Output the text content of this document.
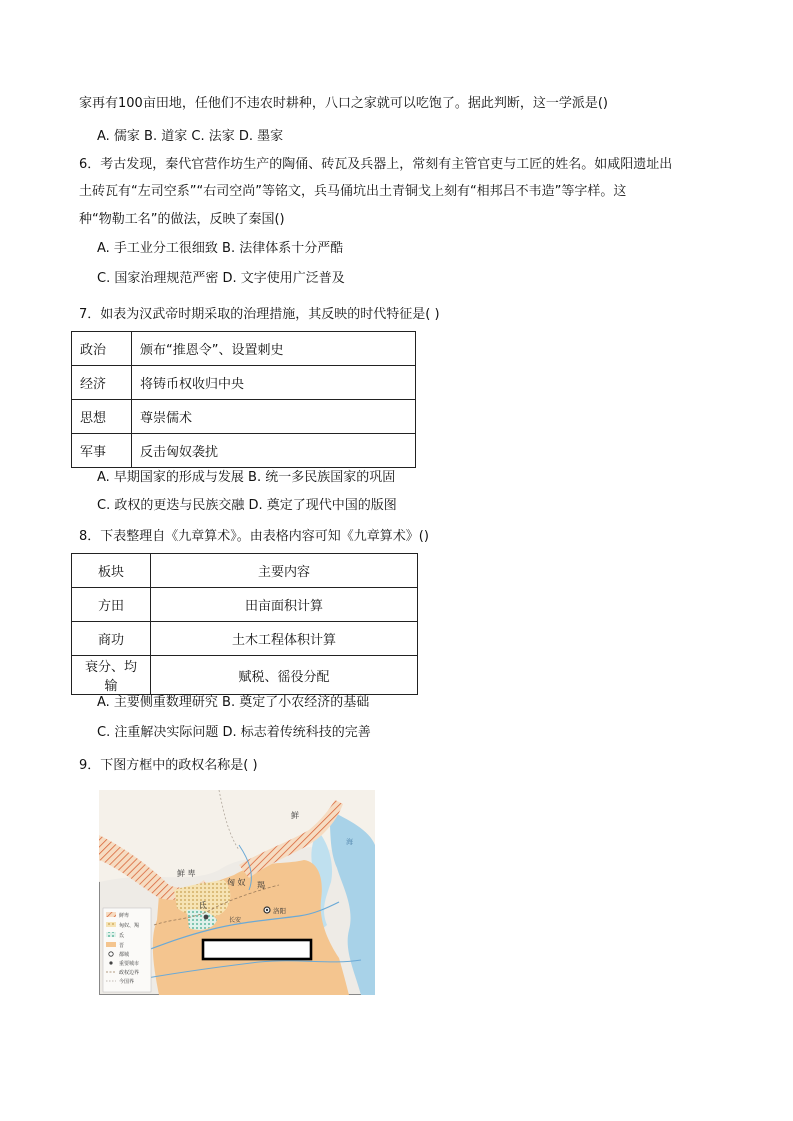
家再有100亩田地，任他们不违农时耕种，八口之家就可以吃饱了。据此判断，这一学派是()
A. 儒家 B. 道家 C. 法家 D. 墨家
6．考古发现，秦代官营作坊生产的陶俑、砖瓦及兵器上，常刻有主管官吏与工匠的姓名。如咸阳遗址出
土砖瓦有“左司空系”“右司空尚”等铭文，兵马俑坑出土青铜戈上刻有“相邦吕不韦造”等字样。这
种“物勒工名”的做法，反映了秦国()
A. 手工业分工很细致 B. 法律体系十分严酷
C. 国家治理规范严密 D. 文字使用广泛普及
7．如表为汉武帝时期采取的治理措施，其反映的时代特征是( )
政治	颁布“推恩令”、设置刺史
经济	将铸币权收归中央
思想	尊崇儒术
军事	反击匈奴袭扰
A. 早期国家的形成与发展 B. 统一多民族国家的巩固
C. 政权的更迭与民族交融 D. 奠定了现代中国的版图
8．下表整理自《九章算术》。由表格内容可知《九章算术》()
板块	主要内容
方田	田亩面积计算
商功	土木工程体积计算
衰分、均输	赋税、徭役分配
A. 主要侧重数理研究 B. 奠定了小农经济的基础
C. 注重解决实际问题 D. 标志着传统科技的完善
9．下图方框中的政权名称是( )
鲜
鲜 卑
匈 奴 羯
氐
长安
洛阳
海
鲜卑
匈奴、羯
氐
晋
都城
重要城市
政权边界
今国界
